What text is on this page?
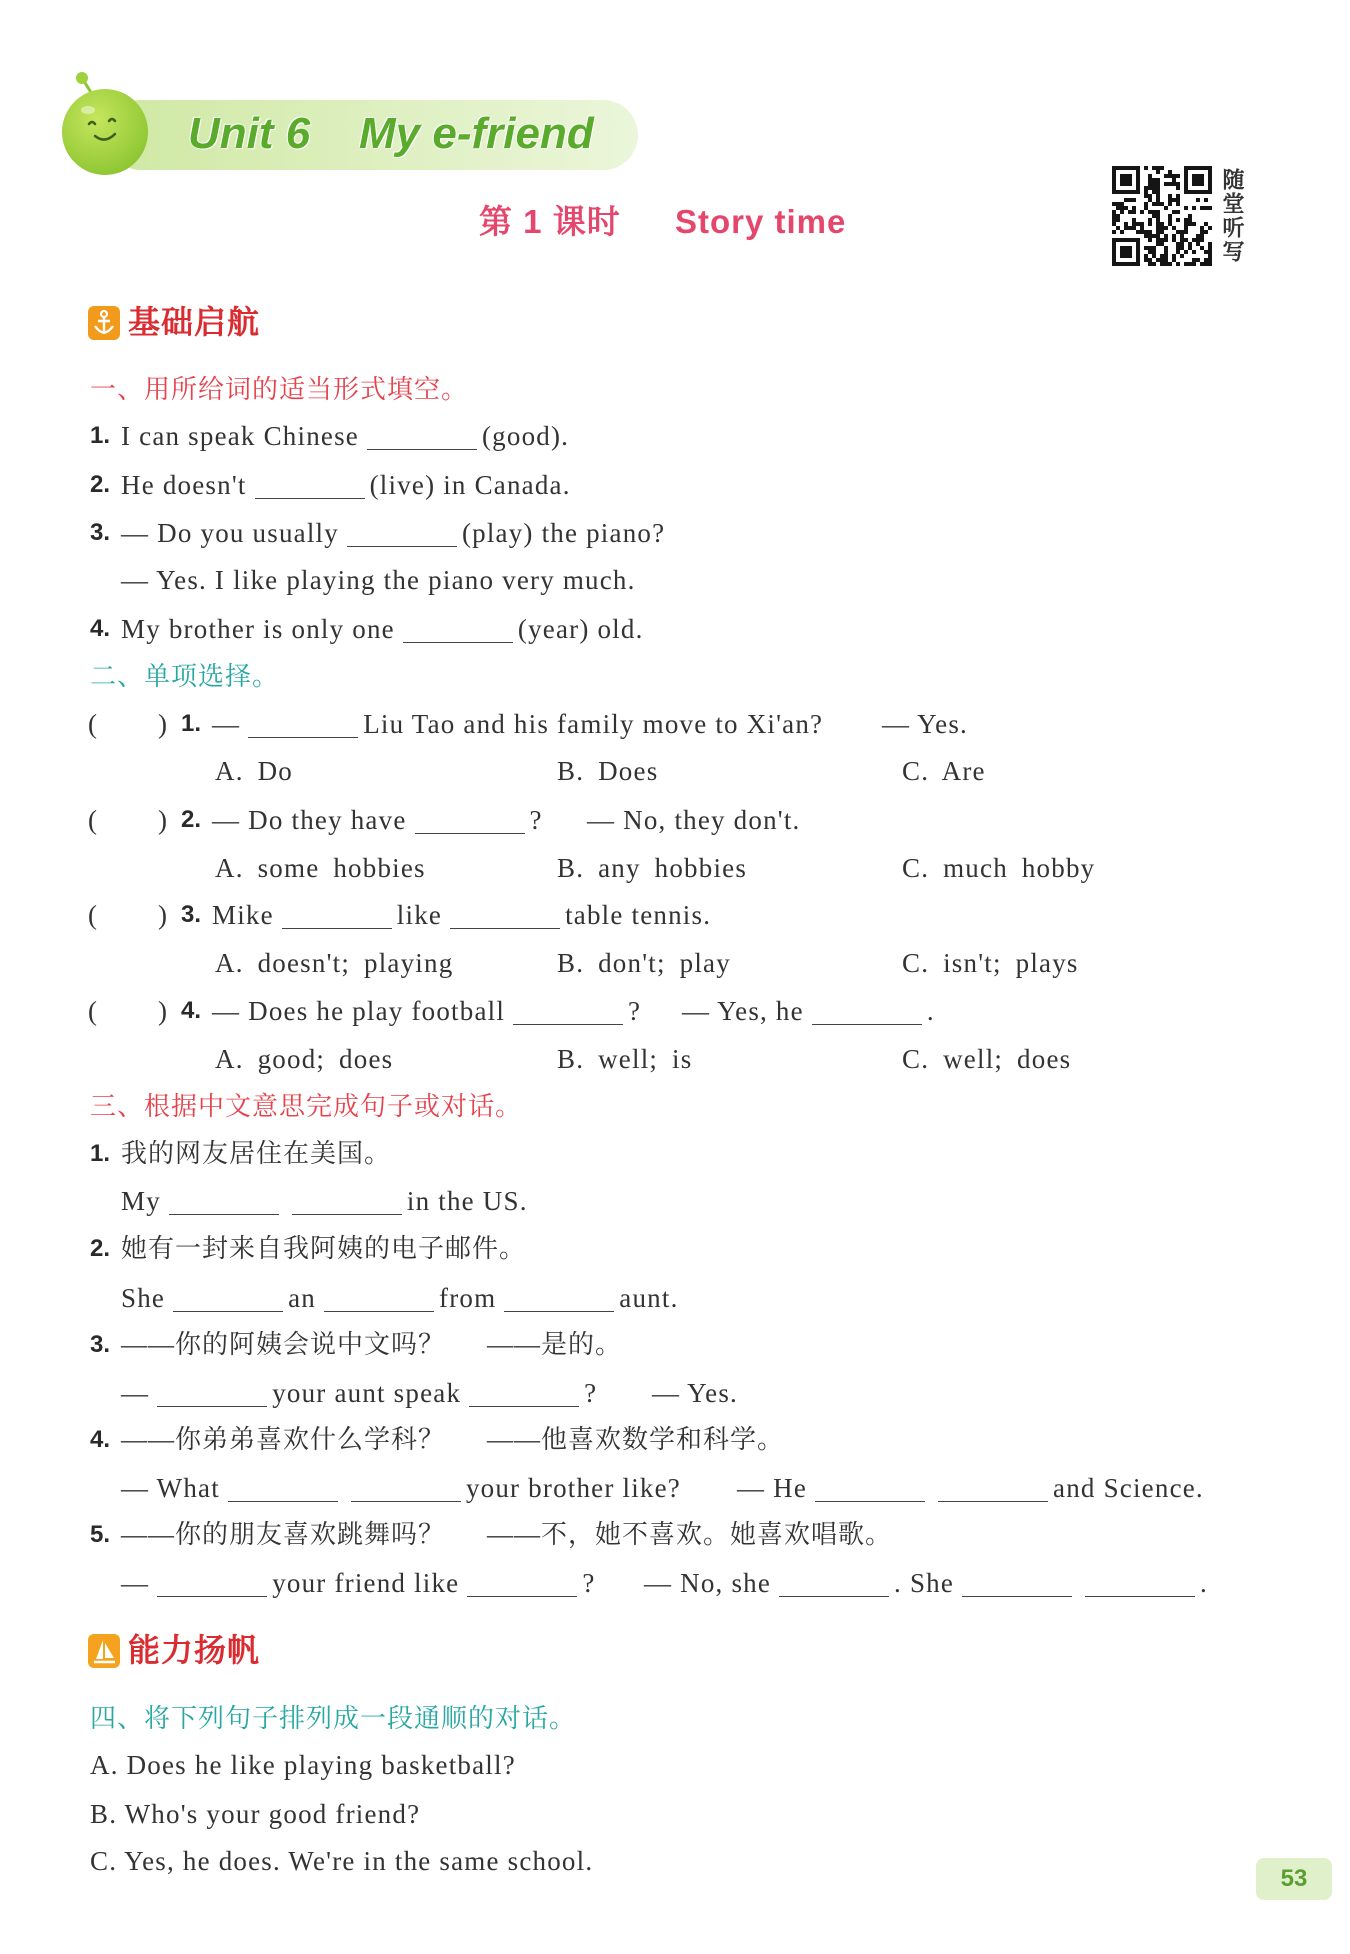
Unit 6 My e-friend
第 1 课时 Story time	随堂听写
基础启航
一、用所给词的适当形式填空。
1. I can speak Chinese	(good).
2. He doesn't	(live) in Canada.
3. — Do you usually	(play) the piano?
— Yes. I like playing the piano very much.
4. My brother is only one	(year) old.
二、单项选择。
( ) 1. —	Liu Tao and his family move to Xi'an? — Yes.
A. Do	B. Does	C. Are
( ) 2. — Do they have	? — No, they don't.
A. some hobbies	B. any hobbies	C. much hobby
( ) 3. Mike	like	table tennis.
A. doesn't; playing	B. don't; play	C. isn't; plays
( ) 4. — Does he play football	? — Yes, he	.
A. good; does	B. well; is	C. well; does
三、根据中文意思完成句子或对话。
1. 我的网友居住在美国。
My	in the US.
2. 她有一封来自我阿姨的电子邮件。
She	an	from	aunt.
3. ——你的阿姨会说中文吗？ ——是的。
—	your aunt speak	? — Yes.
4. ——你弟弟喜欢什么学科？ ——他喜欢数学和科学。
— What	your brother like? — He	and Science.
5. ——你的朋友喜欢跳舞吗？ ——不，她不喜欢。她喜欢唱歌。
—	your friend like	? — No, she	. She	.
能力扬帆
四、将下列句子排列成一段通顺的对话。
A. Does he like playing basketball?
B. Who's your good friend?
C. Yes, he does. We're in the same school.
53
